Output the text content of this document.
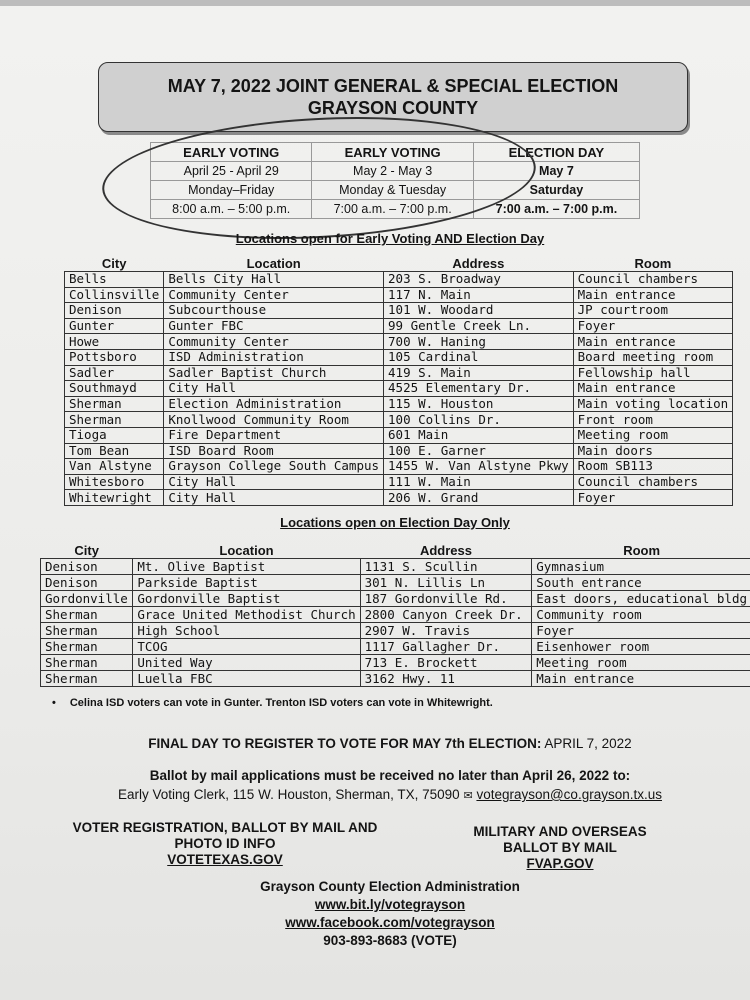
MAY 7, 2022 JOINT GENERAL & SPECIAL ELECTION
GRAYSON COUNTY
EARLY VOTING	EARLY VOTING	ELECTION DAY
April 25 - April 29	May 2 - May 3	May 7
Monday–Friday	Monday & Tuesday	Saturday
8:00 a.m. – 5:00 p.m.	7:00 a.m. – 7:00 p.m.	7:00 a.m. – 7:00 p.m.
Locations open for Early Voting AND Election Day
City	Location	Address	Room
Bells	Bells City Hall	203 S. Broadway	Council chambers
Collinsville	Community Center	117 N. Main	Main entrance
Denison	Subcourthouse	101 W. Woodard	JP courtroom
Gunter	Gunter FBC	99 Gentle Creek Ln.	Foyer
Howe	Community Center	700 W. Haning	Main entrance
Pottsboro	ISD Administration	105 Cardinal	Board meeting room
Sadler	Sadler Baptist Church	419 S. Main	Fellowship hall
Southmayd	City Hall	4525 Elementary Dr.	Main entrance
Sherman	Election Administration	115 W. Houston	Main voting location
Sherman	Knollwood Community Room	100 Collins Dr.	Front room
Tioga	Fire Department	601 Main	Meeting room
Tom Bean	ISD Board Room	100 E. Garner	Main doors
Van Alstyne	Grayson College South Campus	1455 W. Van Alstyne Pkwy	Room SB113
Whitesboro	City Hall	111 W. Main	Council chambers
Whitewright	City Hall	206 W. Grand	Foyer
Locations open on Election Day Only
City	Location	Address	Room
Denison	Mt. Olive Baptist	1131 S. Scullin	Gymnasium
Denison	Parkside Baptist	301 N. Lillis Ln	South entrance
Gordonville	Gordonville Baptist	187 Gordonville Rd.	East doors, educational bldg
Sherman	Grace United Methodist Church	2800 Canyon Creek Dr.	Community room
Sherman	High School	2907 W. Travis	Foyer
Sherman	TCOG	1117 Gallagher Dr.	Eisenhower room
Sherman	United Way	713 E. Brockett	Meeting room
Sherman	Luella FBC	3162 Hwy. 11	Main entrance
• Celina ISD voters can vote in Gunter. Trenton ISD voters can vote in Whitewright.
FINAL DAY TO REGISTER TO VOTE FOR MAY 7th ELECTION: APRIL 7, 2022
Ballot by mail applications must be received no later than April 26, 2022 to:
Early Voting Clerk, 115 W. Houston, Sherman, TX, 75090 ✉ votegrayson@co.grayson.tx.us
VOTER REGISTRATION, BALLOT BY MAIL AND
PHOTO ID INFO
VOTETEXAS.GOV
MILITARY AND OVERSEAS
BALLOT BY MAIL
FVAP.GOV
Grayson County Election Administration
www.bit.ly/votegrayson
www.facebook.com/votegrayson
903-893-8683 (VOTE)
